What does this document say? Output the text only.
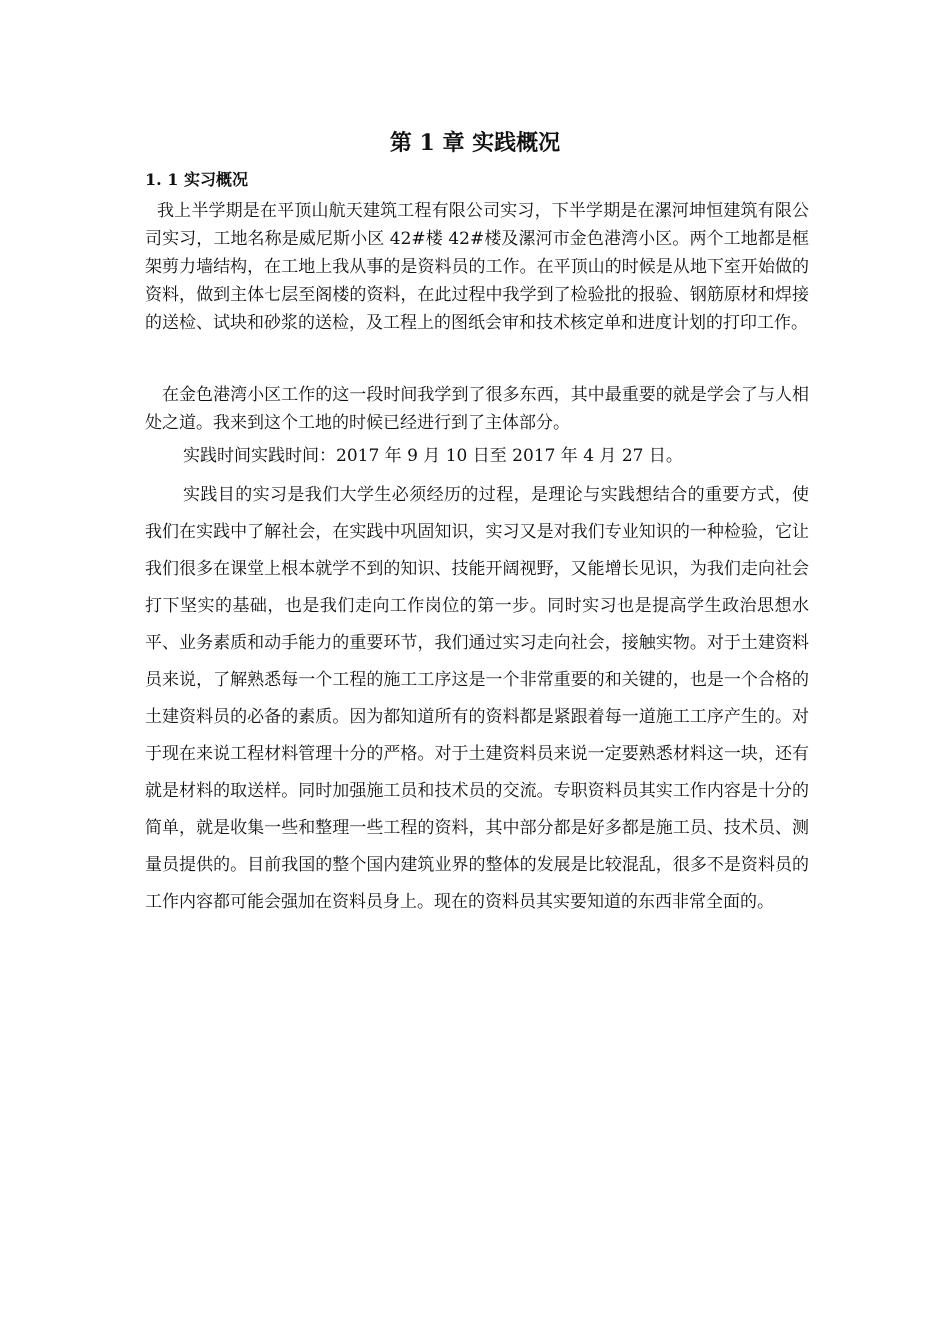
第 1 章 实践概况
1. 1 实习概况

我上半学期是在平顶山航天建筑工程有限公司实习，下半学期是在漯河坤恒建筑有限公司实习，工地名称是威尼斯小区 42#楼 42#楼及漯河市金色港湾小区。两个工地都是框架剪力墙结构，在工地上我从事的是资料员的工作。在平顶山的时候是从地下室开始做的资料，做到主体七层至阁楼的资料，在此过程中我学到了检验批的报验、钢筋原材和焊接的送检、试块和砂浆的送检，及工程上的图纸会审和技术核定单和进度计划的打印工作。

在金色港湾小区工作的这一段时间我学到了很多东西，其中最重要的就是学会了与人相处之道。我来到这个工地的时候已经进行到了主体部分。

实践时间实践时间：2017 年 9 月 10 日至 2017 年 4 月 27 日。

实践目的实习是我们大学生必须经历的过程，是理论与实践想结合的重要方式，使我们在实践中了解社会，在实践中巩固知识，实习又是对我们专业知识的一种检验，它让我们很多在课堂上根本就学不到的知识、技能开阔视野，又能增长见识，为我们走向社会打下坚实的基础，也是我们走向工作岗位的第一步。同时实习也是提高学生政治思想水平、业务素质和动手能力的重要环节，我们通过实习走向社会，接触实物。对于土建资料员来说，了解熟悉每一个工程的施工工序这是一个非常重要的和关键的，也是一个合格的土建资料员的必备的素质。因为都知道所有的资料都是紧跟着每一道施工工序产生的。对于现在来说工程材料管理十分的严格。对于土建资料员来说一定要熟悉材料这一块，还有就是材料的取送样。同时加强施工员和技术员的交流。专职资料员其实工作内容是十分的简单，就是收集一些和整理一些工程的资料，其中部分都是好多都是施工员、技术员、测量员提供的。目前我国的整个国内建筑业界的整体的发展是比较混乱，很多不是资料员的工作内容都可能会强加在资料员身上。现在的资料员其实要知道的东西非常全面的。
